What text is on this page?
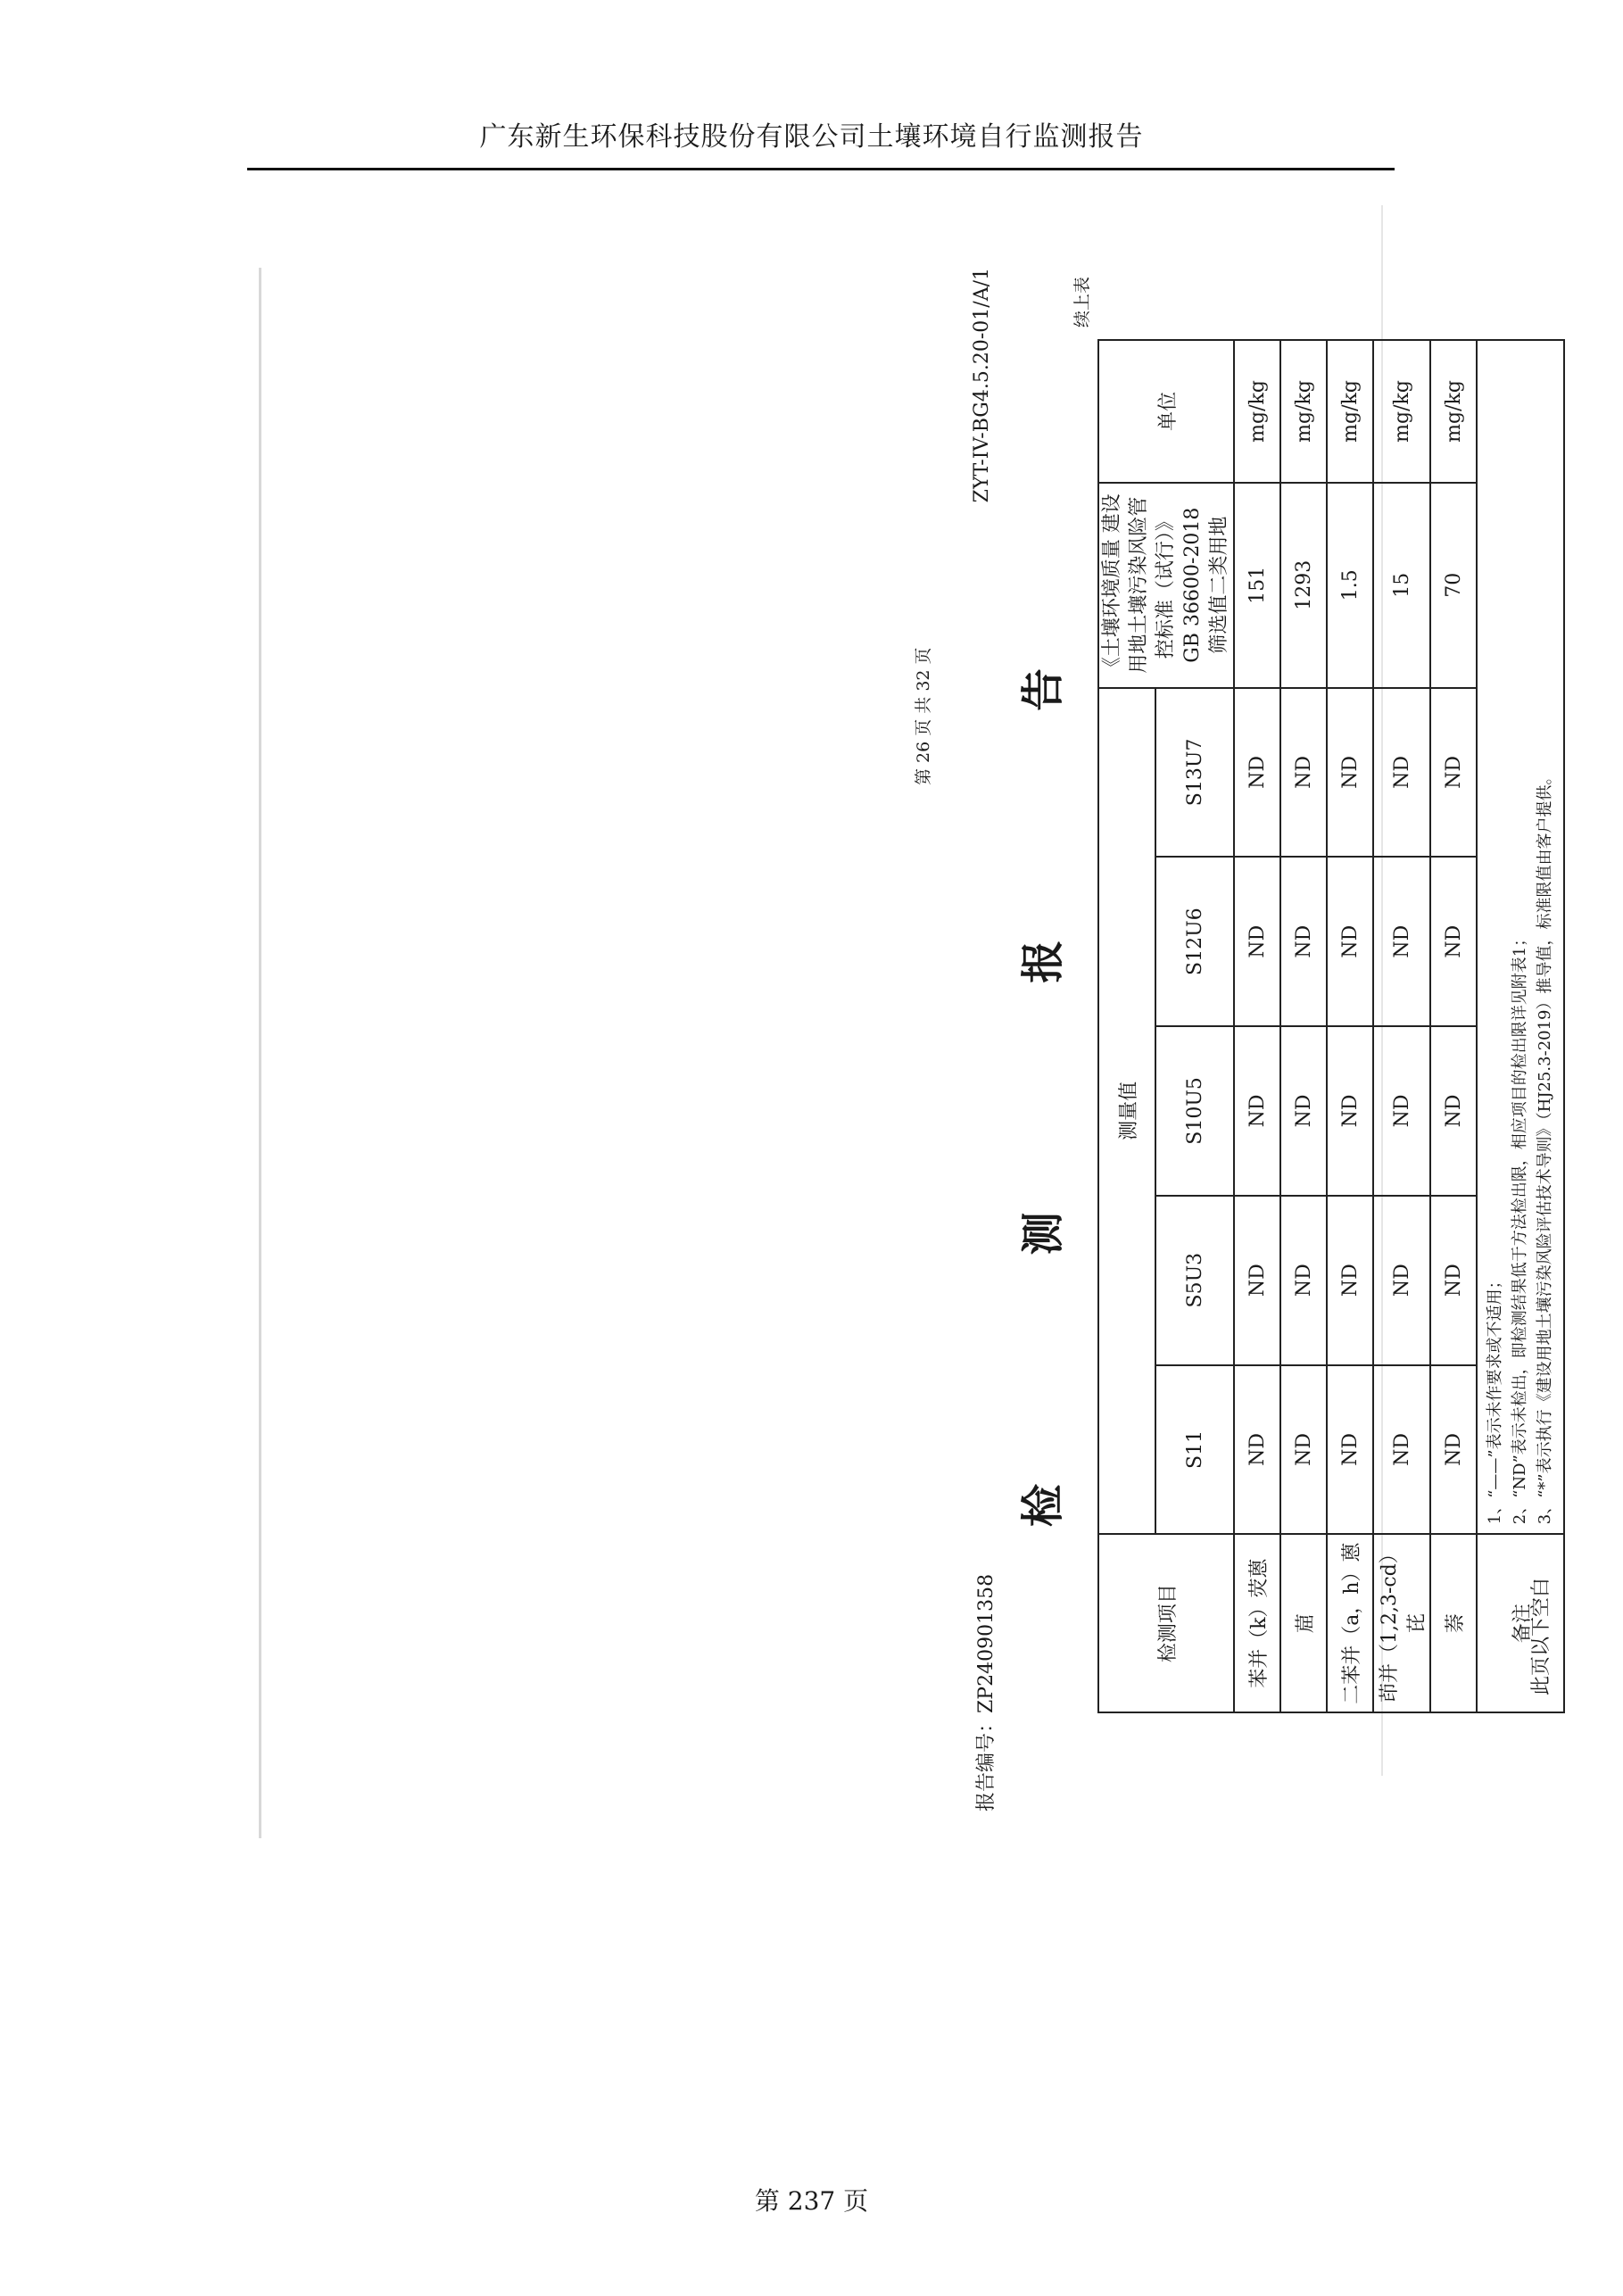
广东新生环保科技股份有限公司土壤环境自行监测报告
报告编号：ZP240901358
ZYT-IV-BG4.5.20-01/A/1
第 26 页 共 32 页 检 测 报 告
续上表
检测项目	测量值					《土壤环境质量 建设 用地土壤污染风险管 控标准（试行）》 GB 36600-2018 筛选值二类用地	单位
	S11	S5U3	S10U5	S12U6	S13U7		
苯并（k）荧蒽	ND	ND	ND	ND	ND	151	mg/kg
䓛	ND	ND	ND	ND	ND	1293	mg/kg
二苯并（a，h）蒽	ND	ND	ND	ND	ND	1.5	mg/kg
茚并（1,2,3-cd）芘	ND	ND	ND	ND	ND	15	mg/kg
萘	ND	ND	ND	ND	ND	70	mg/kg
备注	1、“——”表示未作要求或不适用； 2、“ND”表示未检出，即检测结果低于方法检出限，相应项目的检出限详见附表1； 3、“*”表示执行《建设用地土壤污染风险评估技术导则》（HJ25.3-2019）推导值，标准限值由客户提供。						
此页以下空白
第 237 页
